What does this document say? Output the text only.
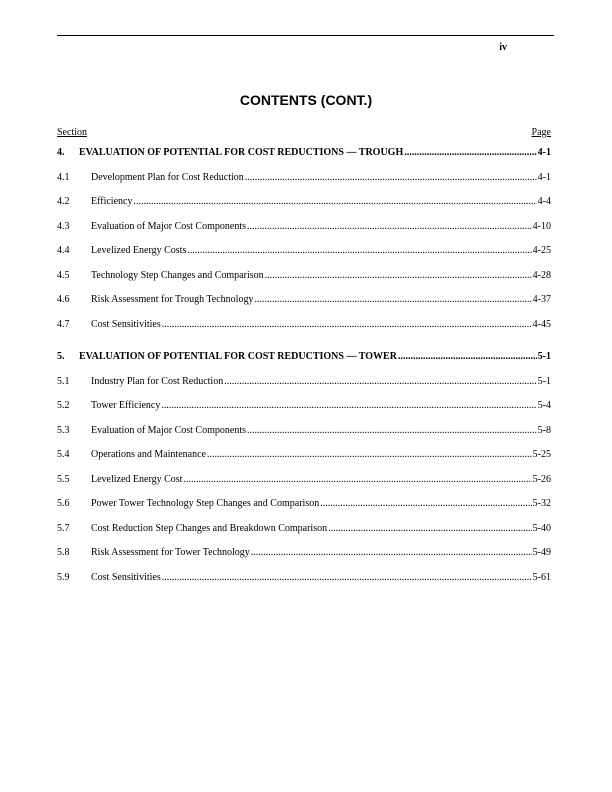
iv
CONTENTS (CONT.)
Section	Page
4.	EVALUATION OF POTENTIAL FOR COST REDUCTIONS — TROUGH .....	4-1
4.1	Development Plan for Cost Reduction .....	4-1
4.2	Efficiency .....	4-4
4.3	Evaluation of Major Cost Components .....	4-10
4.4	Levelized Energy Costs .....	4-25
4.5	Technology Step Changes and Comparison .....	4-28
4.6	Risk Assessment for Trough Technology .....	4-37
4.7	Cost Sensitivities .....	4-45
5.	EVALUATION OF POTENTIAL FOR COST REDUCTIONS — TOWER .....	5-1
5.1	Industry Plan for Cost Reduction .....	5-1
5.2	Tower Efficiency .....	5-4
5.3	Evaluation of Major Cost Components .....	5-8
5.4	Operations and Maintenance .....	5-25
5.5	Levelized Energy Cost .....	5-26
5.6	Power Tower Technology Step Changes and Comparison .....	5-32
5.7	Cost Reduction Step Changes and Breakdown Comparison .....	5-40
5.8	Risk Assessment for Tower Technology .....	5-49
5.9	Cost Sensitivities .....	5-61
